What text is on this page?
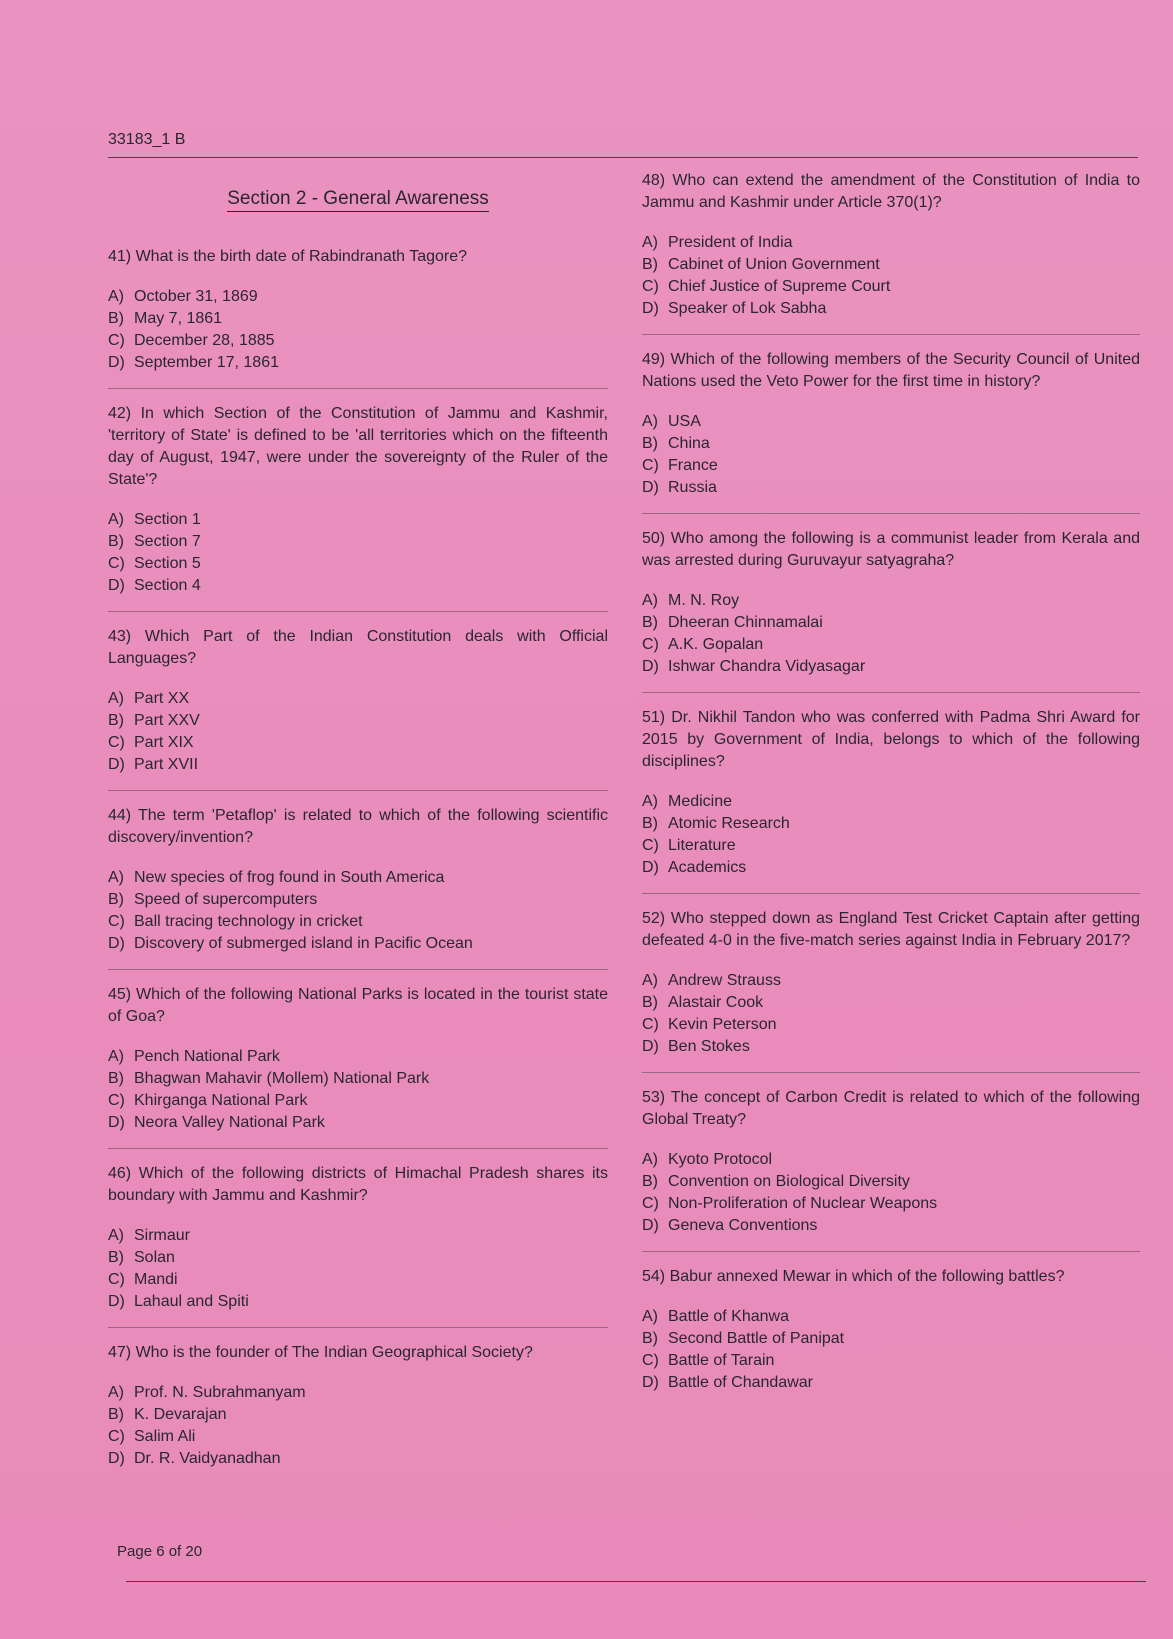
33183_1 B
Section 2 - General Awareness

41) What is the birth date of Rabindranath Tagore?

A) October 31, 1869
B) May 7, 1861
C) December 28, 1885
D) September 17, 1861

42) In which Section of the Constitution of Jammu and Kashmir, 'territory of State' is defined to be 'all territories which on the fifteenth day of August, 1947, were under the sovereignty of the Ruler of the State'?

A) Section 1
B) Section 7
C) Section 5
D) Section 4

43) Which Part of the Indian Constitution deals with Official Languages?

A) Part XX
B) Part XXV
C) Part XIX
D) Part XVII

44) The term 'Petaflop' is related to which of the following scientific discovery/invention?

A) New species of frog found in South America
B) Speed of supercomputers
C) Ball tracing technology in cricket
D) Discovery of submerged island in Pacific Ocean

45) Which of the following National Parks is located in the tourist state of Goa?

A) Pench National Park
B) Bhagwan Mahavir (Mollem) National Park
C) Khirganga National Park
D) Neora Valley National Park

46) Which of the following districts of Himachal Pradesh shares its boundary with Jammu and Kashmir?

A) Sirmaur
B) Solan
C) Mandi
D) Lahaul and Spiti

47) Who is the founder of The Indian Geographical Society?

A) Prof. N. Subrahmanyam
B) K. Devarajan
C) Salim Ali
D) Dr. R. Vaidyanadhan

48) Who can extend the amendment of the Constitution of India to Jammu and Kashmir under Article 370(1)?

A) President of India
B) Cabinet of Union Government
C) Chief Justice of Supreme Court
D) Speaker of Lok Sabha

49) Which of the following members of the Security Council of United Nations used the Veto Power for the first time in history?

A) USA
B) China
C) France
D) Russia

50) Who among the following is a communist leader from Kerala and was arrested during Guruvayur satyagraha?

A) M. N. Roy
B) Dheeran Chinnamalai
C) A.K. Gopalan
D) Ishwar Chandra Vidyasagar

51) Dr. Nikhil Tandon who was conferred with Padma Shri Award for 2015 by Government of India, belongs to which of the following disciplines?

A) Medicine
B) Atomic Research
C) Literature
D) Academics

52) Who stepped down as England Test Cricket Captain after getting defeated 4-0 in the five-match series against India in February 2017?

A) Andrew Strauss
B) Alastair Cook
C) Kevin Peterson
D) Ben Stokes

53) The concept of Carbon Credit is related to which of the following Global Treaty?

A) Kyoto Protocol
B) Convention on Biological Diversity
C) Non-Proliferation of Nuclear Weapons
D) Geneva Conventions

54) Babur annexed Mewar in which of the following battles?

A) Battle of Khanwa
B) Second Battle of Panipat
C) Battle of Tarain
D) Battle of Chandawar
Page 6 of 20
